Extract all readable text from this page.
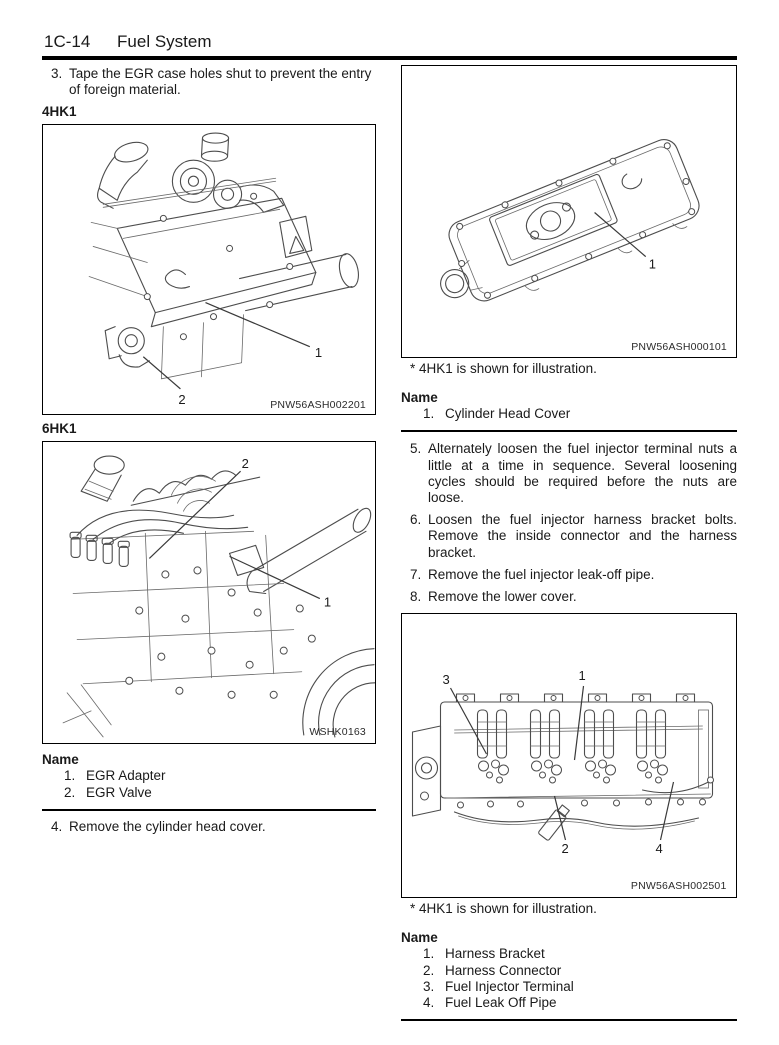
1C-14 Fuel System
3. Tape the EGR case holes shut to prevent the entry of foreign material.
4HK1
1
2	PNW56ASH002201
6HK1
2
1
WSHK0163
Name
1. EGR Adapter
2. EGR Valve
4. Remove the cylinder head cover.
1
PNW56ASH000101
* 4HK1 is shown for illustration.
Name
1. Cylinder Head Cover
5. Alternately loosen the fuel injector terminal nuts a little at a time in sequence. Several loosening cycles should be required before the nuts are loose.
6. Loosen the fuel injector harness bracket bolts. Remove the inside connector and the harness bracket.
7. Remove the fuel injector leak-off pipe.
8. Remove the lower cover.
3	1
2	4
PNW56ASH002501
* 4HK1 is shown for illustration.
Name
1. Harness Bracket
2. Harness Connector
3. Fuel Injector Terminal
4. Fuel Leak Off Pipe
